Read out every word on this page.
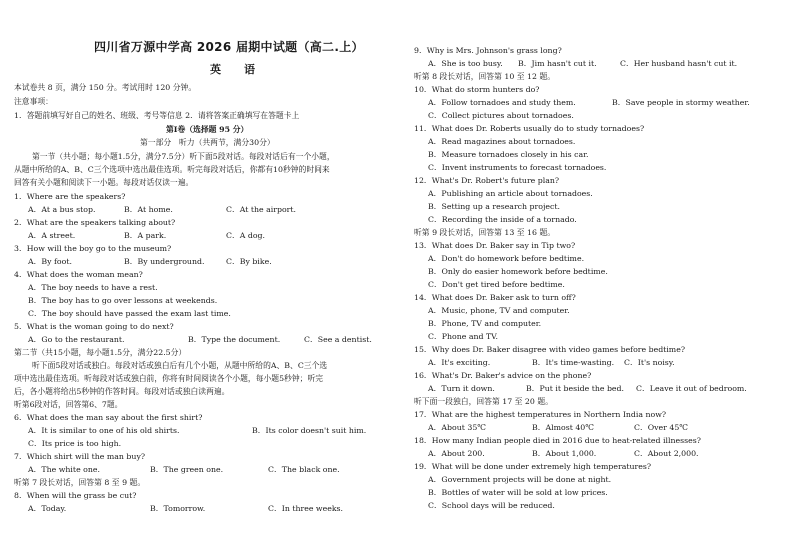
四川省万源中学高 2026 届期中试题（高二.上）
英　语
本试卷共 8 页，满分 150 分。考试用时 120 分钟。
注意事项：
1．答题前填写好自己的姓名、班级、考号等信息 2．请将答案正确填写在答题卡上
第Ⅰ卷（选择题 95 分）
第一部分　听力（共两节，满分30分）
第一节（共小题；每小题1.5分，满分7.5分）听下面5段对话。每段对话后有一个小题，
从题中所给的A、B、C三个选项中选出最佳选项。听完每段对话后，你都有10秒钟的时间来
回答有关小题和阅读下一小题。每段对话仅读一遍。
1．Where are the speakers?
A．At a bus stop.	B．At home.	C．At the airport.
2．What are the speakers talking about?
A．A street.	B．A park.	C．A dog.
3．How will the boy go to the museum?
A．By foot.	B．By underground.	C．By bike.
4．What does the woman mean?
A．The boy needs to have a rest.
B．The boy has to go over lessons at weekends.
C．The boy should have passed the exam last time.
5．What is the woman going to do next?
A．Go to the restaurant.	B．Type the document.	C．See a dentist.
第二节（共15小题，每小题1.5分，满分22.5分）
听下面5段对话或独白。每段对话或独白后有几个小题，从题中所给的A、B、C三个选
项中选出最佳选项。听每段对话或独白前，你将有时间阅读各个小题，每小题5秒钟；听完
后，各小题将给出5秒钟的作答时间。每段对话或独白读两遍。
听第6段对话，回答第6、7题。
6．What does the man say about the first shirt?
A．It is similar to one of his old shirts.	B．Its color doesn't suit him.
C．Its price is too high.
7．Which shirt will the man buy?
A．The white one.	B．The green one.	C．The black one.
听第 7 段长对话，回答第 8 至 9 题。
8．When will the grass be cut?
A．Today.	B．Tomorrow.	C．In three weeks.
9．Why is Mrs. Johnson's grass long?
A．She is too busy. B．Jim hasn't cut it.	C．Her husband hasn't cut it.
听第 8 段长对话，回答第 10 至 12 题。
10．What do storm hunters do?
A．Follow tornadoes and study them.	B．Save people in stormy weather.
C．Collect pictures about tornadoes.
11．What does Dr. Roberts usually do to study tornadoes?
A．Read magazines about tornadoes.
B．Measure tornadoes closely in his car.
C．Invent instruments to forecast tornadoes.
12．What's Dr. Robert's future plan?
A．Publishing an article about tornadoes.
B．Setting up a research project.
C．Recording the inside of a tornado.
听第 9 段长对话，回答第 13 至 16 题。
13．What does Dr. Baker say in Tip two?
A．Don't do homework before bedtime.
B．Only do easier homework before bedtime.
C．Don't get tired before bedtime.
14．What does Dr. Baker ask to turn off?
A．Music, phone, TV and computer.
B．Phone, TV and computer.
C．Phone and TV.
15．Why does Dr. Baker disagree with video games before bedtime?
A．It's exciting.	B．It's time-wasting. C．It's noisy.
16．What's Dr. Baker's advice on the phone?
A．Turn it down.	B．Put it beside the bed. C．Leave it out of bedroom.
听下面一段独白，回答第 17 至 20 题。
17．What are the highest temperatures in Northern India now?
A．About 35℃	B．Almost 40℃	C．Over 45℃
18．How many Indian people died in 2016 due to heat-related illnesses?
A．About 200.	B．About 1,000.	C．About 2,000.
19．What will be done under extremely high temperatures?
A．Government projects will be done at night.
B．Bottles of water will be sold at low prices.
C．School days will be reduced.
